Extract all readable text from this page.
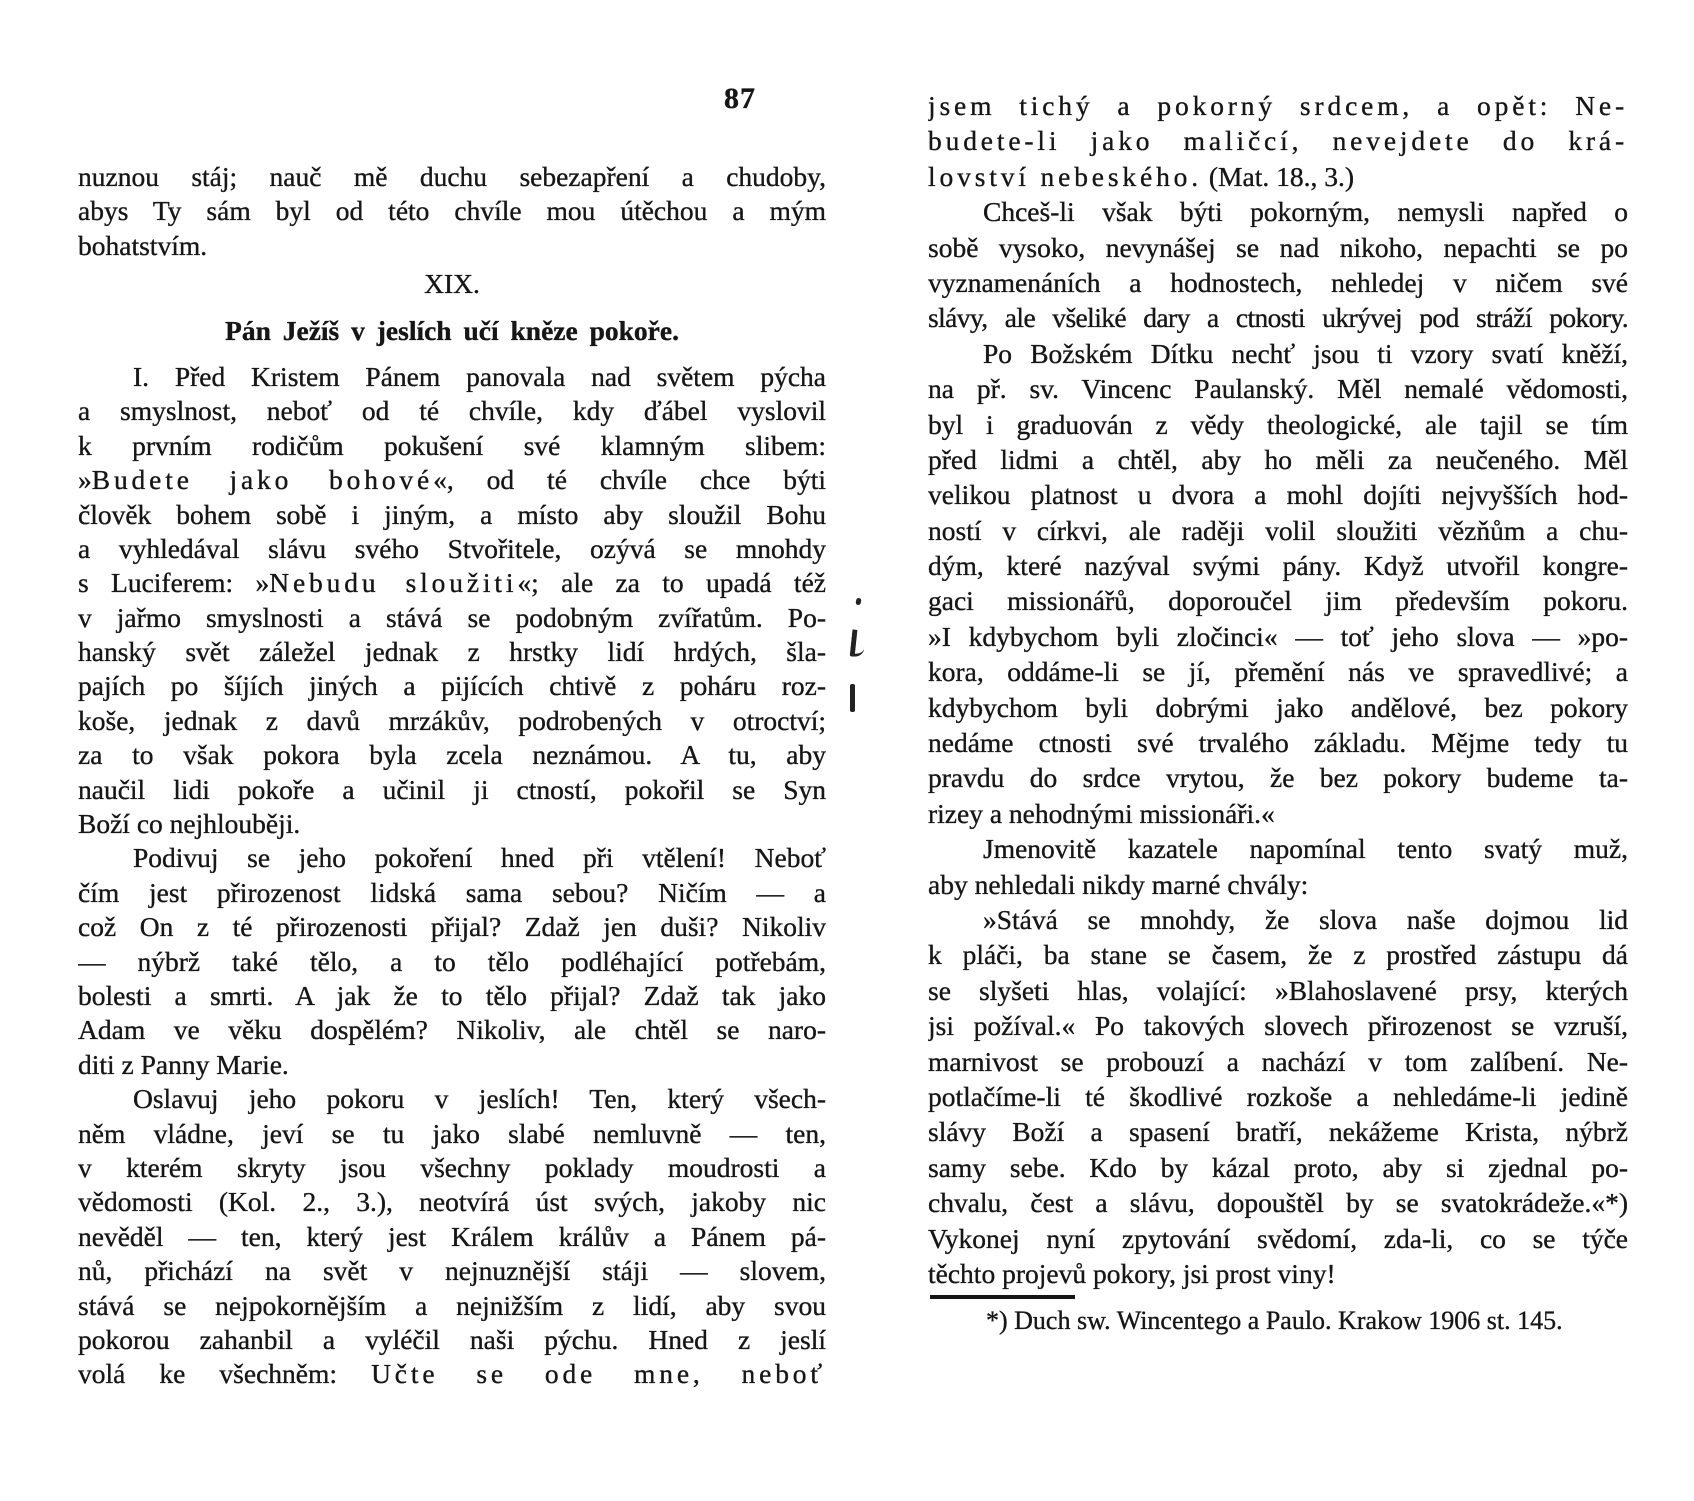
87
nuznou stáj; nauč mě duchu sebezapření a chudoby,
abys Ty sám byl od této chvíle mou útěchou a mým
bohatstvím.
XIX.
Pán Ježíš v jeslích učí kněze pokoře.
I. Před Kristem Pánem panovala nad světem pýcha
a smyslnost, neboť od té chvíle, kdy ďábel vyslovil
k prvním rodičům pokušení své klamným slibem:
»Budete jako bohové«, od té chvíle chce býti
člověk bohem sobě i jiným, a místo aby sloužil Bohu
a vyhledával slávu svého Stvořitele, ozývá se mnohdy
s Luciferem: »Nebudu sloužiti«; ale za to upadá též
v jařmo smyslnosti a stává se podobným zvířatům. Po-
hanský svět záležel jednak z hrstky lidí hrdých, šla-
pajích po šíjích jiných a pijících chtivě z poháru roz-
koše, jednak z davů mrzákův, podrobených v otroctví;
za to však pokora byla zcela neznámou. A tu, aby
naučil lidi pokoře a učinil ji ctností, pokořil se Syn
Boží co nejhlouběji.
Podivuj se jeho pokoření hned při vtělení! Neboť
čím jest přirozenost lidská sama sebou? Ničím — a
což On z té přirozenosti přijal? Zdaž jen duši? Nikoliv
— nýbrž také tělo, a to tělo podléhající potřebám,
bolesti a smrti. A jak že to tělo přijal? Zdaž tak jako
Adam ve věku dospělém? Nikoliv, ale chtěl se naro-
diti z Panny Marie.
Oslavuj jeho pokoru v jeslích! Ten, který všech-
něm vládne, jeví se tu jako slabé nemluvně — ten,
v kterém skryty jsou všechny poklady moudrosti a
vědomosti (Kol. 2., 3.), neotvírá úst svých, jakoby nic
nevěděl — ten, který jest Králem králův a Pánem pá-
nů, přichází na svět v nejnuznější stáji — slovem,
stává se nejpokornějším a nejnižším z lidí, aby svou
pokorou zahanbil a vyléčil naši pýchu. Hned z jeslí
volá ke všechněm: Učte se ode mne, neboť
jsem tichý a pokorný srdcem, a opět: Ne-
budete-li jako maličcí, nevejdete do krá-
lovství nebeského. (Mat. 18., 3.)
Chceš-li však býti pokorným, nemysli napřed o
sobě vysoko, nevynášej se nad nikoho, nepachti se po
vyznamenáních a hodnostech, nehledej v ničem své
slávy, ale všeliké dary a ctnosti ukrývej pod stráží pokory.
Po Božském Dítku nechť jsou ti vzory svatí kněží,
na př. sv. Vincenc Paulanský. Měl nemalé vědomosti,
byl i graduován z vědy theologické, ale tajil se tím
před lidmi a chtěl, aby ho měli za neučeného. Měl
velikou platnost u dvora a mohl dojíti nejvyšších hod-
ností v církvi, ale raději volil sloužiti vězňům a chu-
dým, které nazýval svými pány. Když utvořil kongre-
gaci missionářů, doporoučel jim především pokoru.
»I kdybychom byli zločinci« — toť jeho slova — »po-
kora, oddáme-li se jí, přemění nás ve spravedlivé; a
kdybychom byli dobrými jako andělové, bez pokory
nedáme ctnosti své trvalého základu. Mějme tedy tu
pravdu do srdce vrytou, že bez pokory budeme ta-
rizey a nehodnými missionáři.«
Jmenovitě kazatele napomínal tento svatý muž,
aby nehledali nikdy marné chvály:
»Stává se mnohdy, že slova naše dojmou lid
k pláči, ba stane se časem, že z prostřed zástupu dá
se slyšeti hlas, volající: »Blahoslavené prsy, kterých
jsi požíval.« Po takových slovech přirozenost se vzruší,
marnivost se probouzí a nachází v tom zalíbení. Ne-
potlačíme-li té škodlivé rozkoše a nehledáme-li jedině
slávy Boží a spasení bratří, nekážeme Krista, nýbrž
samy sebe. Kdo by kázal proto, aby si zjednal po-
chvalu, čest a slávu, dopouštěl by se svatokrádeže.«*)
Vykonej nyní zpytování svědomí, zda-li, co se týče
těchto projevů pokory, jsi prost viny!
*) Duch sw. Wincentego a Paulo. Krakow 1906 st. 145.
